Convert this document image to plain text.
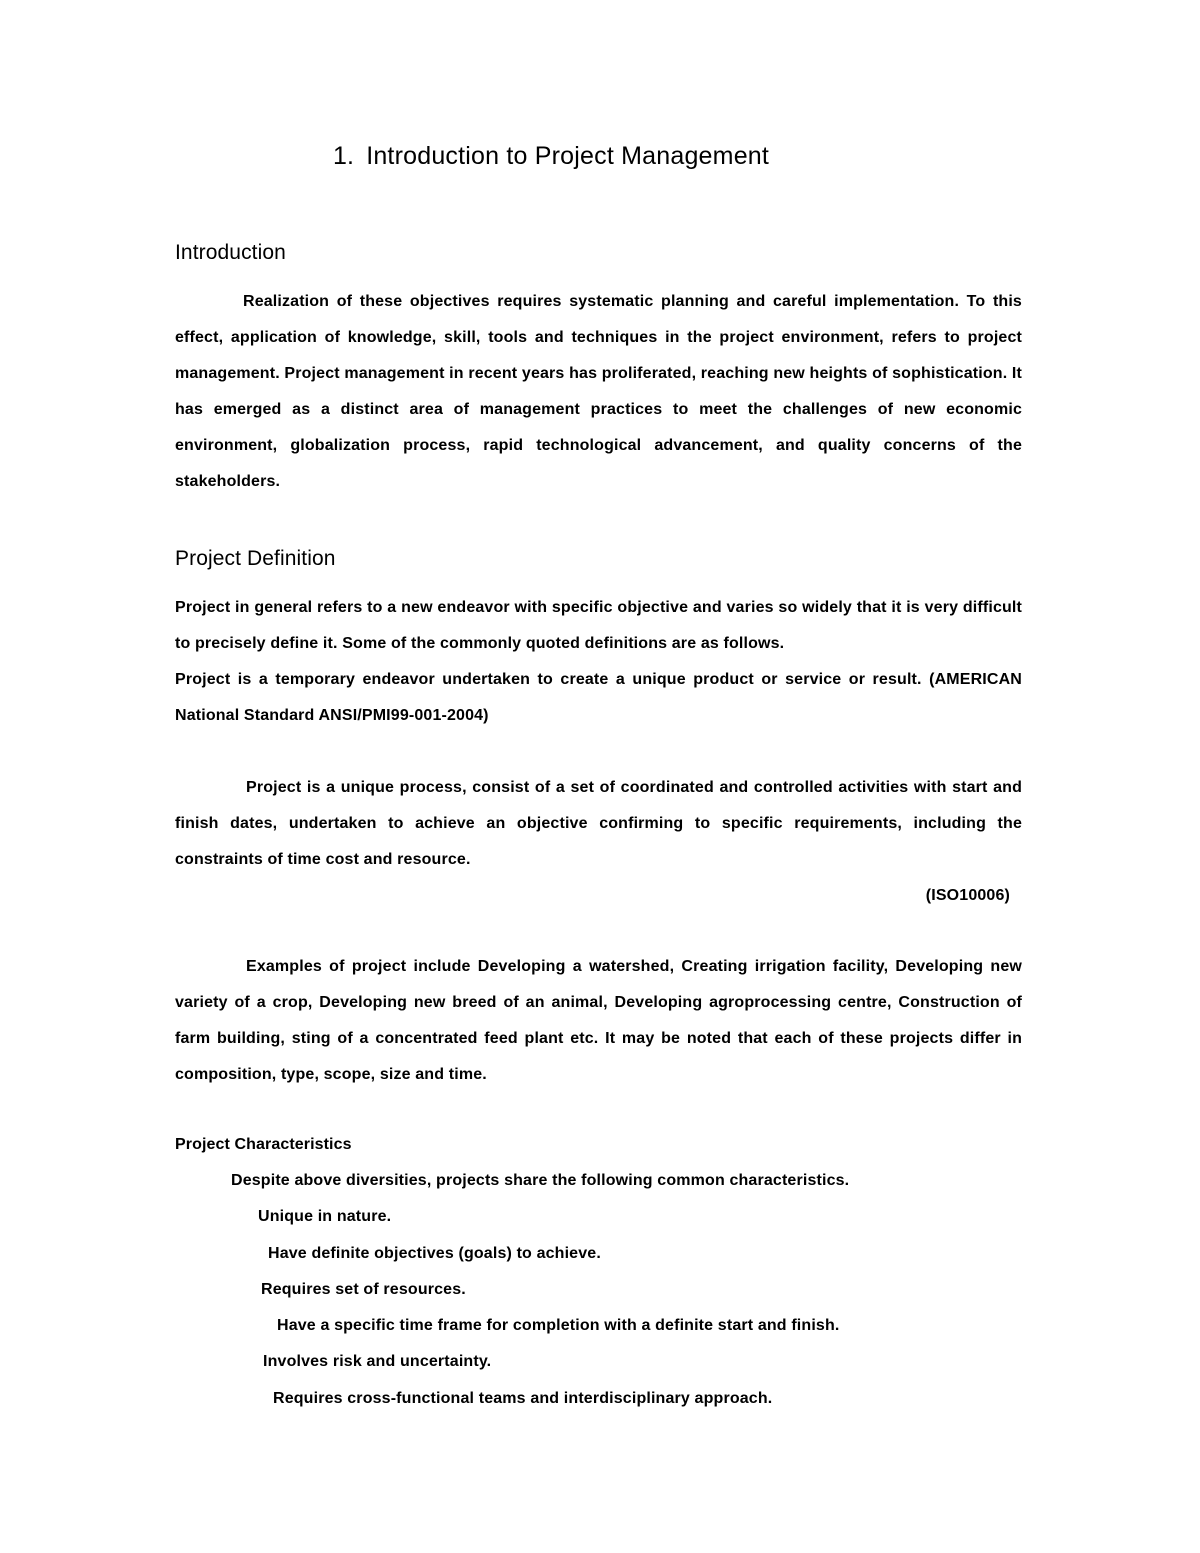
1. Introduction to Project Management
Introduction
Realization of these objectives requires systematic planning and careful implementation. To this effect, application of knowledge, skill, tools and techniques in the project environment, refers to project management. Project management in recent years has proliferated, reaching new heights of sophistication. It has emerged as a distinct area of management practices to meet the challenges of new economic environment, globalization process, rapid technological advancement, and quality concerns of the stakeholders.
Project Definition
Project in general refers to a new endeavor with specific objective and varies so widely that it is very difficult to precisely define it. Some of the commonly quoted definitions are as follows.
Project is a temporary endeavor undertaken to create a unique product or service or result. (AMERICAN National Standard ANSI/PMI99-001-2004)
Project is a unique process, consist of a set of coordinated and controlled activities with start and finish dates, undertaken to achieve an objective confirming to specific requirements, including the constraints of time cost and resource.
(ISO10006)
Examples of project include Developing a watershed, Creating irrigation facility, Developing new variety of a crop, Developing new breed of an animal, Developing agroprocessing centre, Construction of farm building, sting of a concentrated feed plant etc. It may be noted that each of these projects differ in composition, type, scope, size and time.
Project Characteristics
Despite above diversities, projects share the following common characteristics.
Unique in nature.
Have definite objectives (goals) to achieve.
Requires set of resources.
Have a specific time frame for completion with a definite start and finish.
Involves risk and uncertainty.
Requires cross-functional teams and interdisciplinary approach.
